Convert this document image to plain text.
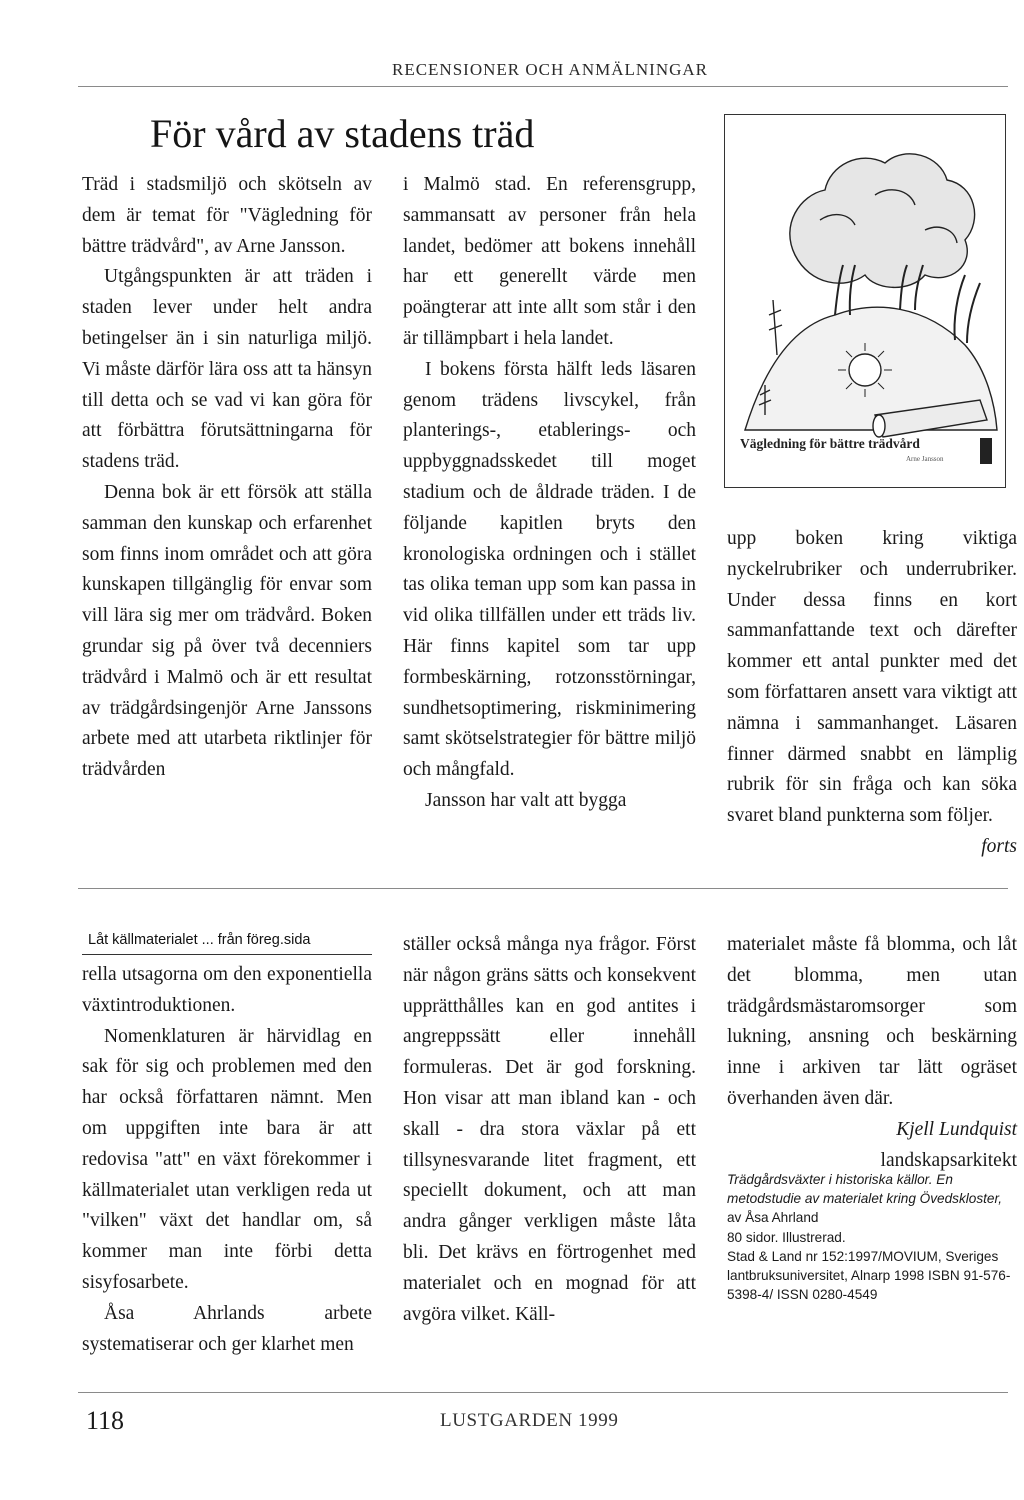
RECENSIONER OCH ANMÄLNINGAR
För vård av stadens träd

Träd i stadsmiljö och skötseln av dem är temat för "Vägledning för bättre trädvård", av Arne Jansson.

Utgångspunkten är att träden i staden lever under helt andra betingelser än i sin naturliga miljö. Vi måste därför lära oss att ta hänsyn till detta och se vad vi kan göra för att förbättra förutsättningarna för stadens träd.

Denna bok är ett försök att ställa samman den kunskap och erfarenhet som finns inom området och att göra kunskapen tillgänglig för envar som vill lära sig mer om trädvård. Boken grundar sig på över två decenniers trädvård i Malmö och är ett resultat av trädgårdsingenjör Arne Janssons arbete med att utarbeta riktlinjer för trädvården

i Malmö stad. En referensgrupp, sammansatt av personer från hela landet, bedömer att bokens innehåll har ett generellt värde men poängterar att inte allt som står i den är tillämpbart i hela landet.

I bokens första hälft leds läsaren genom trädens livscykel, från planterings-, etablerings- och uppbyggnadsskedet till moget stadium och de åldrade träden. I de följande kapitlen bryts den kronologiska ordningen och i stället tas olika teman upp som kan passa in vid olika tillfällen under ett träds liv. Här finns kapitel som tar upp formbeskärning, rotzonsstörningar, sundhetsoptimering, riskminimering samt skötselstrategier för bättre miljö och mångfald.

Jansson har valt att bygga

Vägledning för bättre trädvård
Arne Jansson

upp boken kring viktiga nyckelrubriker och underrubriker. Under dessa finns en kort sammanfattande text och därefter kommer ett antal punkter med det som författaren ansett vara viktigt att nämna i sammanhanget. Läsaren finner därmed snabbt en lämplig rubrik för sin fråga och kan söka svaret bland punkterna som följer.
forts

Låt källmaterialet ... från föreg.sida

rella utsagorna om den exponentiella växtintroduktionen.

Nomenklaturen är härvidlag en sak för sig och problemen med den har också författaren nämnt. Men om uppgiften inte bara är att redovisa "att" en växt förekommer i källmaterialet utan verkligen reda ut "vilken" växt det handlar om, så kommer man inte förbi detta sisyfosarbete.

Åsa Ahrlands arbete systematiserar och ger klarhet men

ställer också många nya frågor. Först när någon gräns sätts och konsekvent upprätthålles kan en god antites i angreppssätt eller innehåll formuleras. Det är god forskning. Hon visar att man ibland kan - och skall - dra stora växlar på ett tillsynesvarande litet fragment, ett speciellt dokument, och att man andra gånger verkligen måste låta bli. Det krävs en förtrogenhet med materialet och en mognad för att avgöra vilket. Käll-

materialet måste få blomma, och låt det blomma, men utan trädgårdsmästaromsorger som lukning, ansning och beskärning inne i arkiven tar lätt ogräset överhanden även där.

Kjell Lundquist

landskapsarkitekt

Trädgårdsväxter i historiska källor. En metodstudie av materialet kring Övedskloster, av Åsa Ahrland
80 sidor. Illustrerad.
Stad & Land nr 152:1997/MOVIUM, Sveriges lantbruksuniversitet, Alnarp 1998 ISBN 91-576-5398-4/ ISSN 0280-4549
118	LUSTGARDEN 1999
